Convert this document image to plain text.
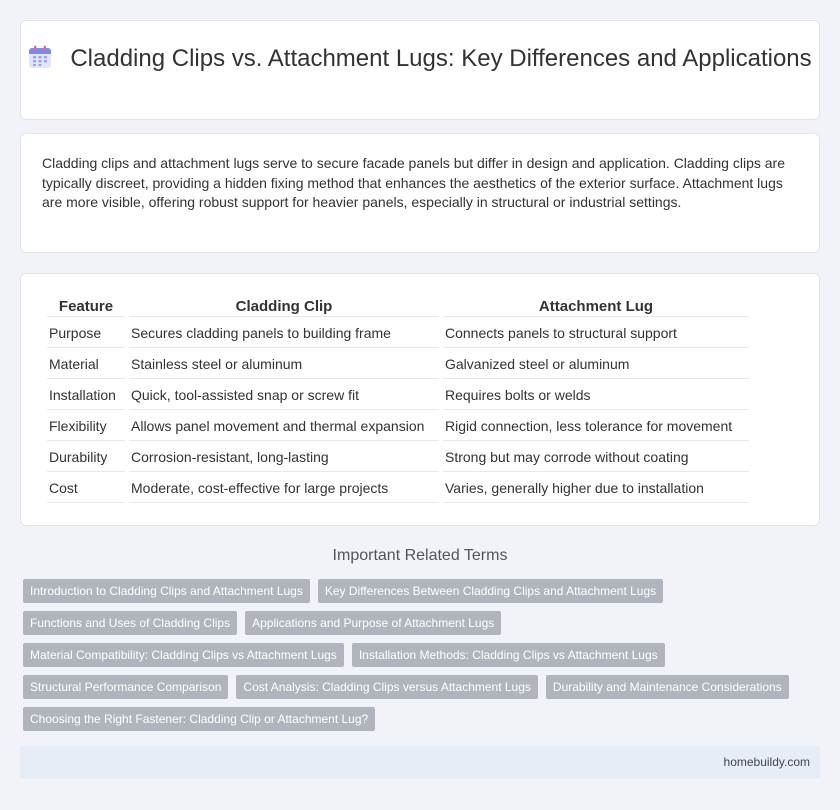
Cladding Clips vs. Attachment Lugs: Key Differences and Applications

Cladding clips and attachment lugs serve to secure facade panels but differ in design and application. Cladding clips are typically discreet, providing a hidden fixing method that enhances the aesthetics of the exterior surface. Attachment lugs are more visible, offering robust support for heavier panels, especially in structural or industrial settings.

Feature	Cladding Clip	Attachment Lug
Purpose	Secures cladding panels to building frame	Connects panels to structural support
Material	Stainless steel or aluminum	Galvanized steel or aluminum
Installation	Quick, tool-assisted snap or screw fit	Requires bolts or welds
Flexibility	Allows panel movement and thermal expansion	Rigid connection, less tolerance for movement
Durability	Corrosion-resistant, long-lasting	Strong but may corrode without coating
Cost	Moderate, cost-effective for large projects	Varies, generally higher due to installation
Important Related Terms
Introduction to Cladding Clips and Attachment Lugs	Key Differences Between Cladding Clips and Attachment Lugs
Functions and Uses of Cladding Clips	Applications and Purpose of Attachment Lugs
Material Compatibility: Cladding Clips vs Attachment Lugs	Installation Methods: Cladding Clips vs Attachment Lugs
Structural Performance Comparison	Cost Analysis: Cladding Clips versus Attachment Lugs	Durability and Maintenance Considerations
Choosing the Right Fastener: Cladding Clip or Attachment Lug?
homebuildy.com
